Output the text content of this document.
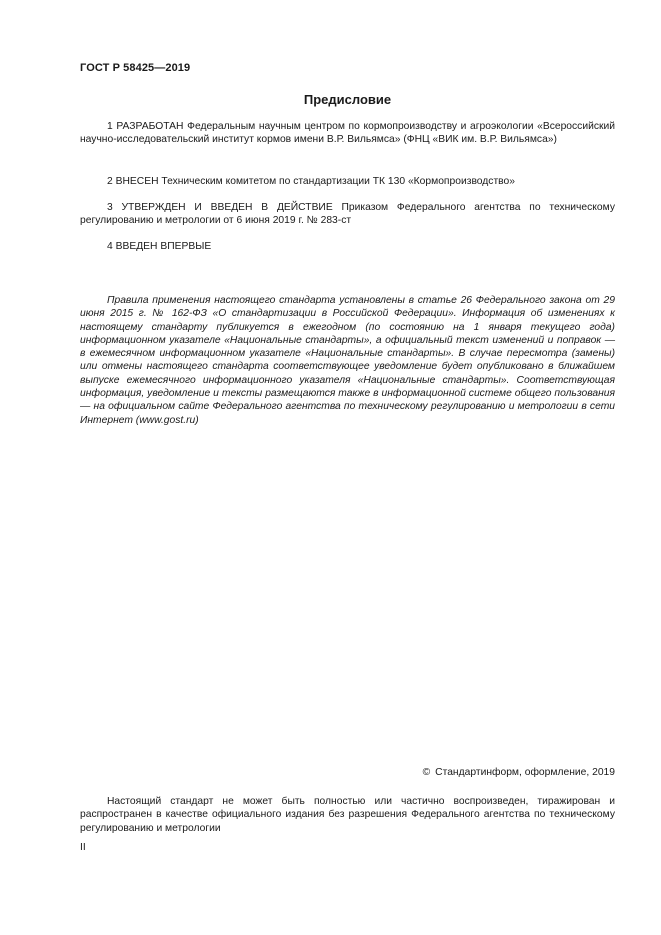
ГОСТ Р 58425—2019
Предисловие

1 РАЗРАБОТАН Федеральным научным центром по кормопроизводству и агроэкологии «Всероссийский научно-исследовательский институт кормов имени В.Р. Вильямса» (ФНЦ «ВИК им. В.Р. Вильямса»)

2 ВНЕСЕН Техническим комитетом по стандартизации ТК 130 «Кормопроизводство»

3 УТВЕРЖДЕН И ВВЕДЕН В ДЕЙСТВИЕ Приказом Федерального агентства по техническому регулированию и метрологии от 6 июня 2019 г. № 283-ст

4 ВВЕДЕН ВПЕРВЫЕ

Правила применения настоящего стандарта установлены в статье 26 Федерального закона от 29 июня 2015 г. № 162-ФЗ «О стандартизации в Российской Федерации». Информация об изменениях к настоящему стандарту публикуется в ежегодном (по состоянию на 1 января текущего года) информационном указателе «Национальные стандарты», а официальный текст изменений и поправок — в ежемесячном информационном указателе «Национальные стандарты». В случае пересмотра (замены) или отмены настоящего стандарта соответствующее уведомление будет опубликовано в ближайшем выпуске ежемесячного информационного указателя «Национальные стандарты». Соответствующая информация, уведомление и тексты размещаются также в информационной системе общего пользования — на официальном сайте Федерального агентства по техническому регулированию и метрологии в сети Интернет (www.gost.ru)

© Стандартинформ, оформление, 2019

Настоящий стандарт не может быть полностью или частично воспроизведен, тиражирован и распространен в качестве официального издания без разрешения Федерального агентства по техническому регулированию и метрологии

II
